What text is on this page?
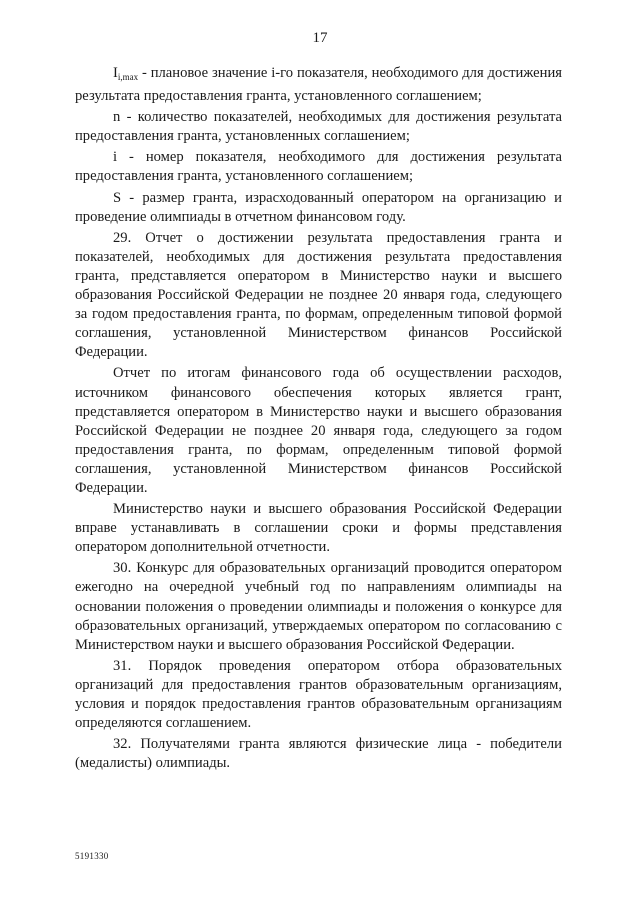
17

$I_{i,max}$ - плановое значение i-го показателя, необходимого для достижения результата предоставления гранта, установленного соглашением;

n - количество показателей, необходимых для достижения результата предоставления гранта, установленных соглашением;

i - номер показателя, необходимого для достижения результата предоставления гранта, установленного соглашением;

S - размер гранта, израсходованный оператором на организацию и проведение олимпиады в отчетном финансовом году.

29. Отчет о достижении результата предоставления гранта и показателей, необходимых для достижения результата предоставления гранта, представляется оператором в Министерство науки и высшего образования Российской Федерации не позднее 20 января года, следующего за годом предоставления гранта, по формам, определенным типовой формой соглашения, установленной Министерством финансов Российской Федерации.

Отчет по итогам финансового года об осуществлении расходов, источником финансового обеспечения которых является грант, представляется оператором в Министерство науки и высшего образования Российской Федерации не позднее 20 января года, следующего за годом предоставления гранта, по формам, определенным типовой формой соглашения, установленной Министерством финансов Российской Федерации.

Министерство науки и высшего образования Российской Федерации вправе устанавливать в соглашении сроки и формы представления оператором дополнительной отчетности.

30. Конкурс для образовательных организаций проводится оператором ежегодно на очередной учебный год по направлениям олимпиады на основании положения о проведении олимпиады и положения о конкурсе для образовательных организаций, утверждаемых оператором по согласованию с Министерством науки и высшего образования Российской Федерации.

31. Порядок проведения оператором отбора образовательных организаций для предоставления грантов образовательным организациям, условия и порядок предоставления грантов образовательным организациям определяются соглашением.

32. Получателями гранта являются физические лица - победители (медалисты) олимпиады.

5191330
